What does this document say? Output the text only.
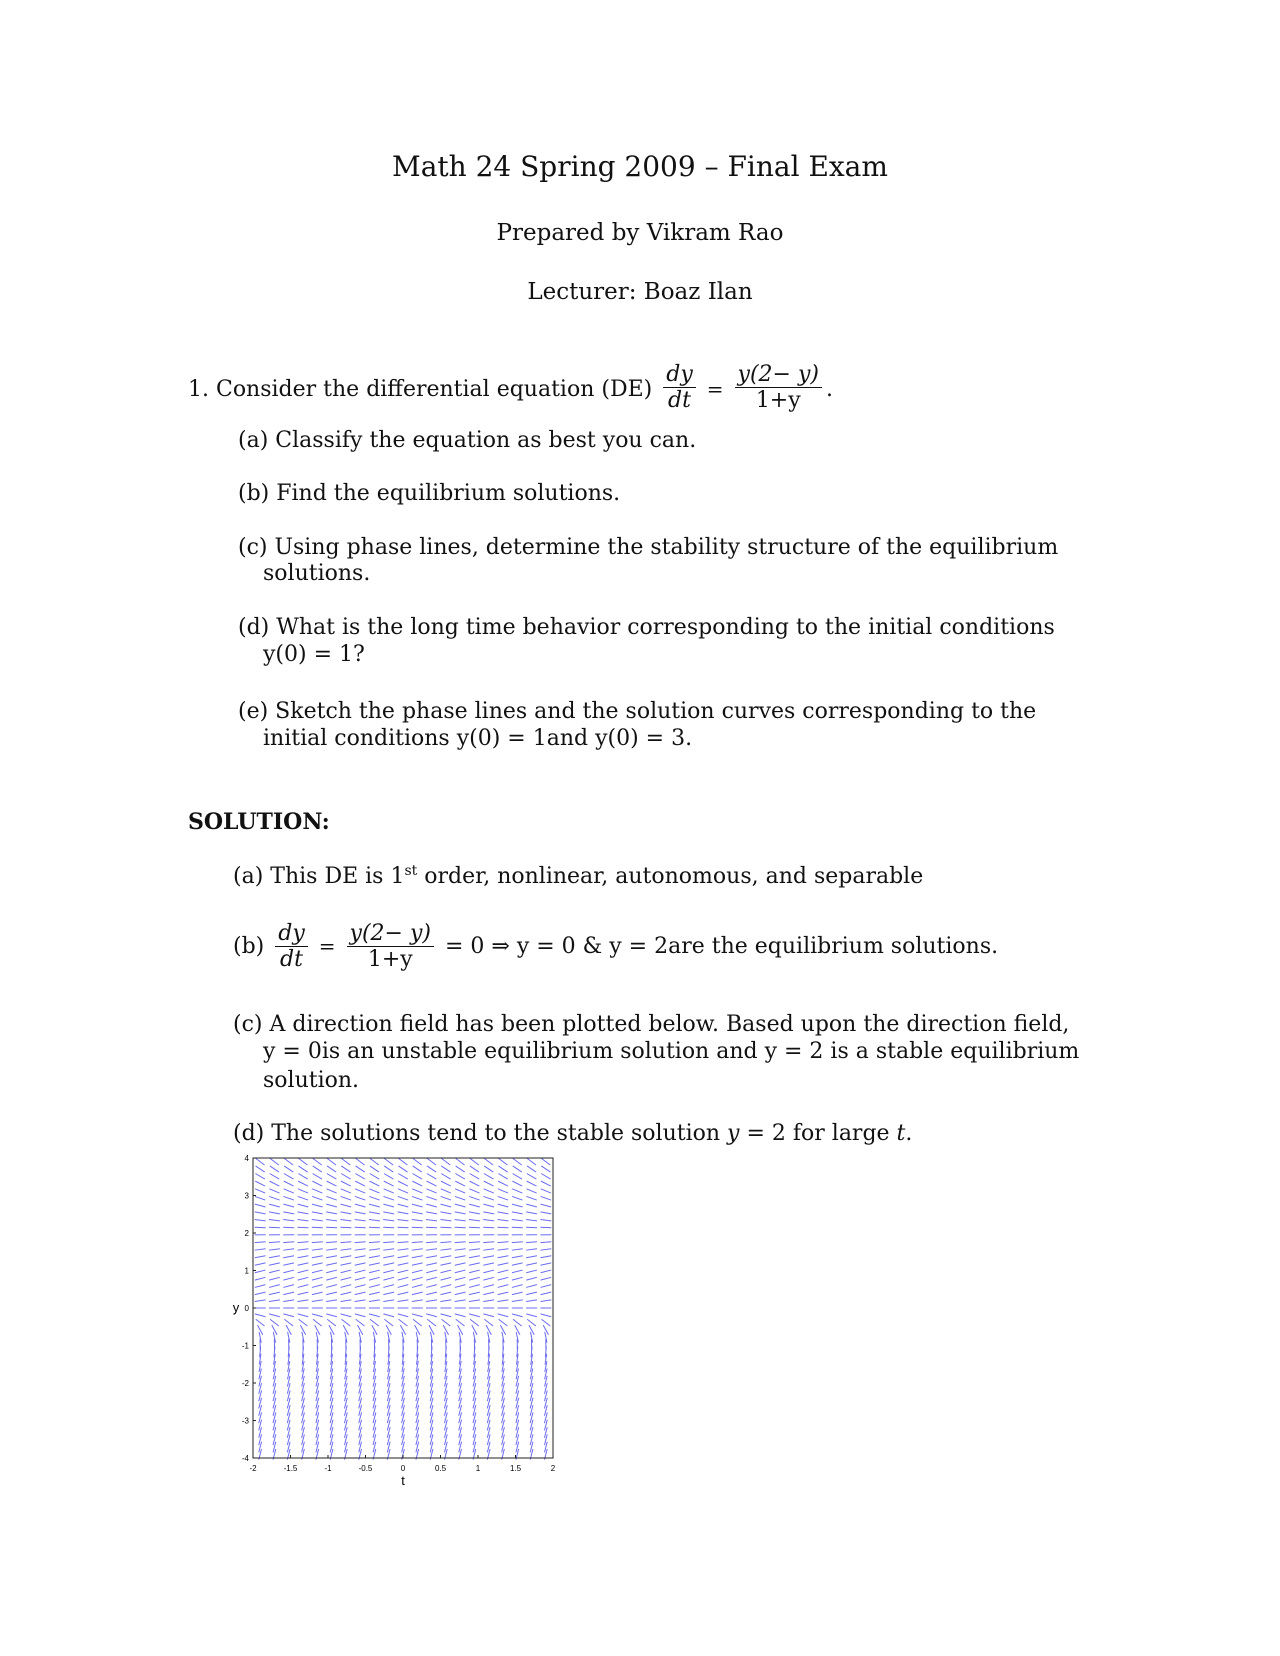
Math 24 Spring 2009 – Final Exam
Prepared by Vikram Rao
Lecturer: Boaz Ilan
1. Consider the differential equation $(DE) \frac{dy}{dt} = \frac{y(2- y)}{1+y}$ .
(a) Classify the equation as best you can.
(b) Find the equilibrium solutions.
(c) Using phase lines, determine the stability structure of the equilibrium
solutions.
(d) What is the long time behavior corresponding to the initial conditions
y(0) = 1?
(e) Sketch the phase lines and the solution curves corresponding to the
initial conditions y(0) = 1and y(0) = 3.
SOLUTION:
(a) This DE is 1st order, nonlinear, autonomous, and separable
$(b) \frac{dy}{dt} = \frac{y(2- y)}{1+y} = 0$ ⇒ y = 0 & y = 2are the equilibrium solutions.
(c) A direction field has been plotted below. Based upon the direction field,
y = 0is an unstable equilibrium solution and y = 2 is a stable equilibrium
solution.
(d) The solutions tend to the stable solution y = 2 for large t.
-2	-1.5	-1	-0.5	0	0.5	1	1.5	2
4
3
2
1
0
-1
-2
-3
-4
t
y
